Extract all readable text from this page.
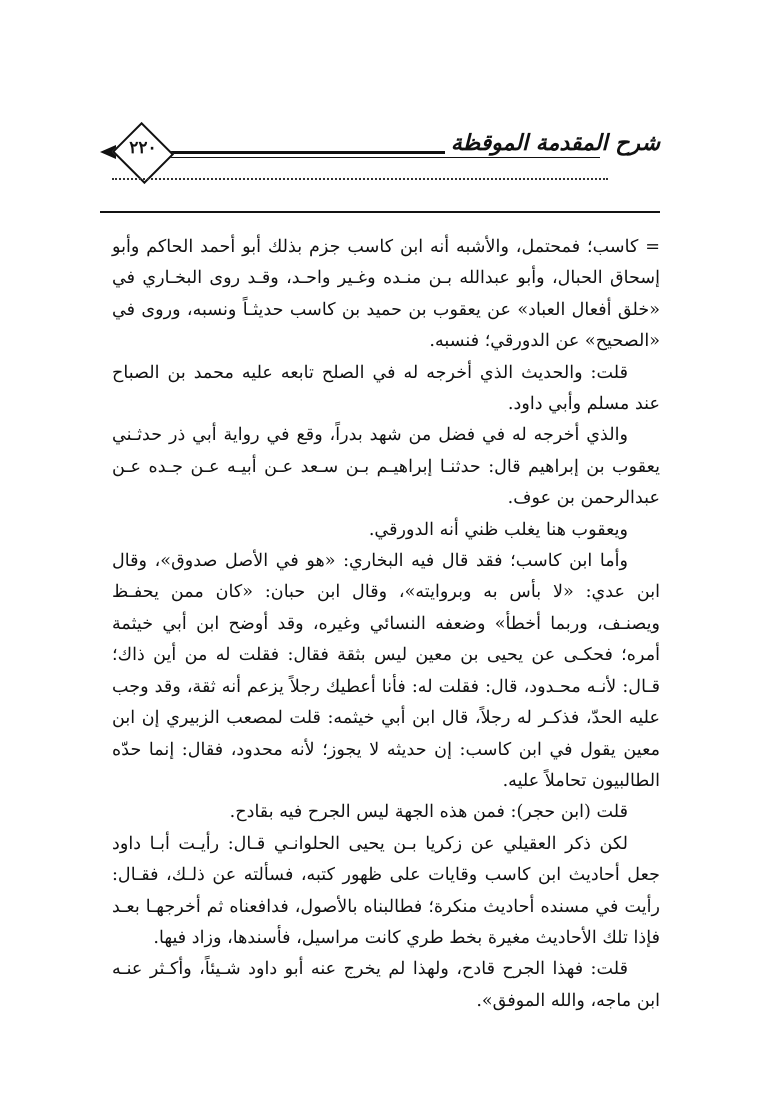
شرح المقدمة الموقظة
٢٢٠

= كاسب؛ فمحتمل، والأشبه أنه ابن كاسب جزم بذلك أبو أحمد الحاكم وأبو إسحاق الحبال، وأبو عبدالله بـن منـده وغـير واحـد، وقـد روى البخـاري في «خلق أفعال العباد» عن يعقوب بن حميد بن كاسب حديثـاً ونسبه، وروى في «الصحيح» عن الدورقي؛ فنسبه.

قلت: والحديث الذي أخرجه له في الصلح تابعه عليه محمد بن الصباح عند مسلم وأبي داود.

والذي أخرجه له في فضل من شهد بدراً، وقع في رواية أبي ذر حدثـني يعقوب بن إبراهيم قال: حدثنـا إبراهيـم بـن سـعد عـن أبيـه عـن جـده عـن عبدالرحمن بن عوف.

ويعقوب هنا يغلب ظني أنه الدورقي.

وأما ابن كاسب؛ فقد قال فيه البخاري: «هو في الأصل صدوق»، وقال ابن عدي: «لا بأس به وبروايته»، وقال ابن حبان: «كان ممن يحفـظ ويصنـف، وربما أخطأ» وضعفه النسائي وغيره، وقد أوضح ابن أبي خيثمة أمره؛ فحكـى عن يحيى بن معين ليس بثقة فقال: فقلت له من أين ذاك؛ قـال: لأنـه محـدود، قال: فقلت له: فأنا أعطيك رجلاً يزعم أنه ثقة، وقد وجب عليه الحدّ، فذكـر له رجلاً، قال ابن أبي خيثمه: قلت لمصعب الزبيري إن ابن معين يقول في ابن كاسب: إن حديثه لا يجوز؛ لأنه محدود، فقال: إنما حدّه الطالبيون تحاملاً عليه.

قلت (ابن حجر): فمن هذه الجهة ليس الجرح فيه بقادح.

لكن ذكر العقيلي عن زكريا بـن يحيى الحلوانـي قـال: رأيـت أبـا داود جعل أحاديث ابن كاسب وقايات على ظهور كتبه، فسألته عن ذلـك، فقـال: رأيت في مسنده أحاديث منكرة؛ فطالبناه بالأصول، فدافعناه ثم أخرجهـا بعـد فإذا تلك الأحاديث مغيرة بخط طري كانت مراسيل، فأسندها، وزاد فيها.

قلت: فهذا الجرح قادح، ولهذا لم يخرج عنه أبو داود شـيئاً، وأكـثر عنـه ابن ماجه، والله الموفق».
